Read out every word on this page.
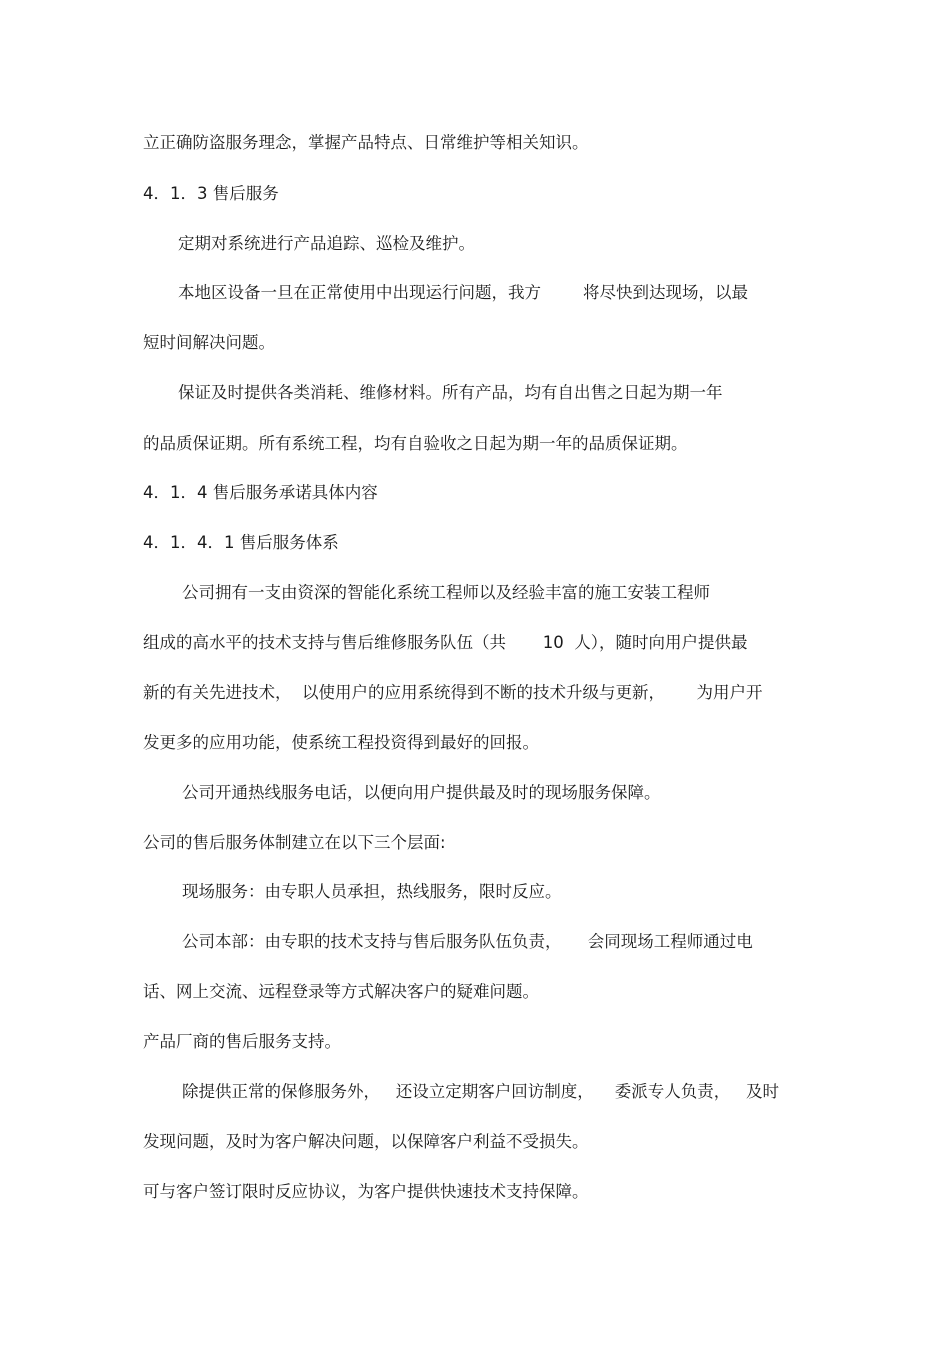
立正确防盗服务理念，掌握产品特点、日常维护等相关知识。
4．1．3 售后服务
定期对系统进行产品追踪、巡检及维护。
本地区设备一旦在正常使用中出现运行问题，我方        将尽快到达现场，以最
短时间解决问题。
保证及时提供各类消耗、维修材料。所有产品，均有自出售之日起为期一年
的品质保证期。所有系统工程，均有自验收之日起为期一年的品质保证期。
4．1．4 售后服务承诺具体内容
4．1．4．1 售后服务体系
公司拥有一支由资深的智能化系统工程师以及经验丰富的施工安装工程师
组成的高水平的技术支持与售后维修服务队伍（共       10  人），随时向用户提供最
新的有关先进技术，  以使用户的应用系统得到不断的技术升级与更新，      为用户开
发更多的应用功能，使系统工程投资得到最好的回报。
公司开通热线服务电话，以便向用户提供最及时的现场服务保障。
公司的售后服务体制建立在以下三个层面:
现场服务：由专职人员承担，热线服务，限时反应。
公司本部：由专职的技术支持与售后服务队伍负责，     会同现场工程师通过电
话、网上交流、远程登录等方式解决客户的疑难问题。
产品厂商的售后服务支持。
除提供正常的保修服务外，   还设立定期客户回访制度，    委派专人负责，   及时
发现问题，及时为客户解决问题，以保障客户利益不受损失。
可与客户签订限时反应协议，为客户提供快速技术支持保障。
